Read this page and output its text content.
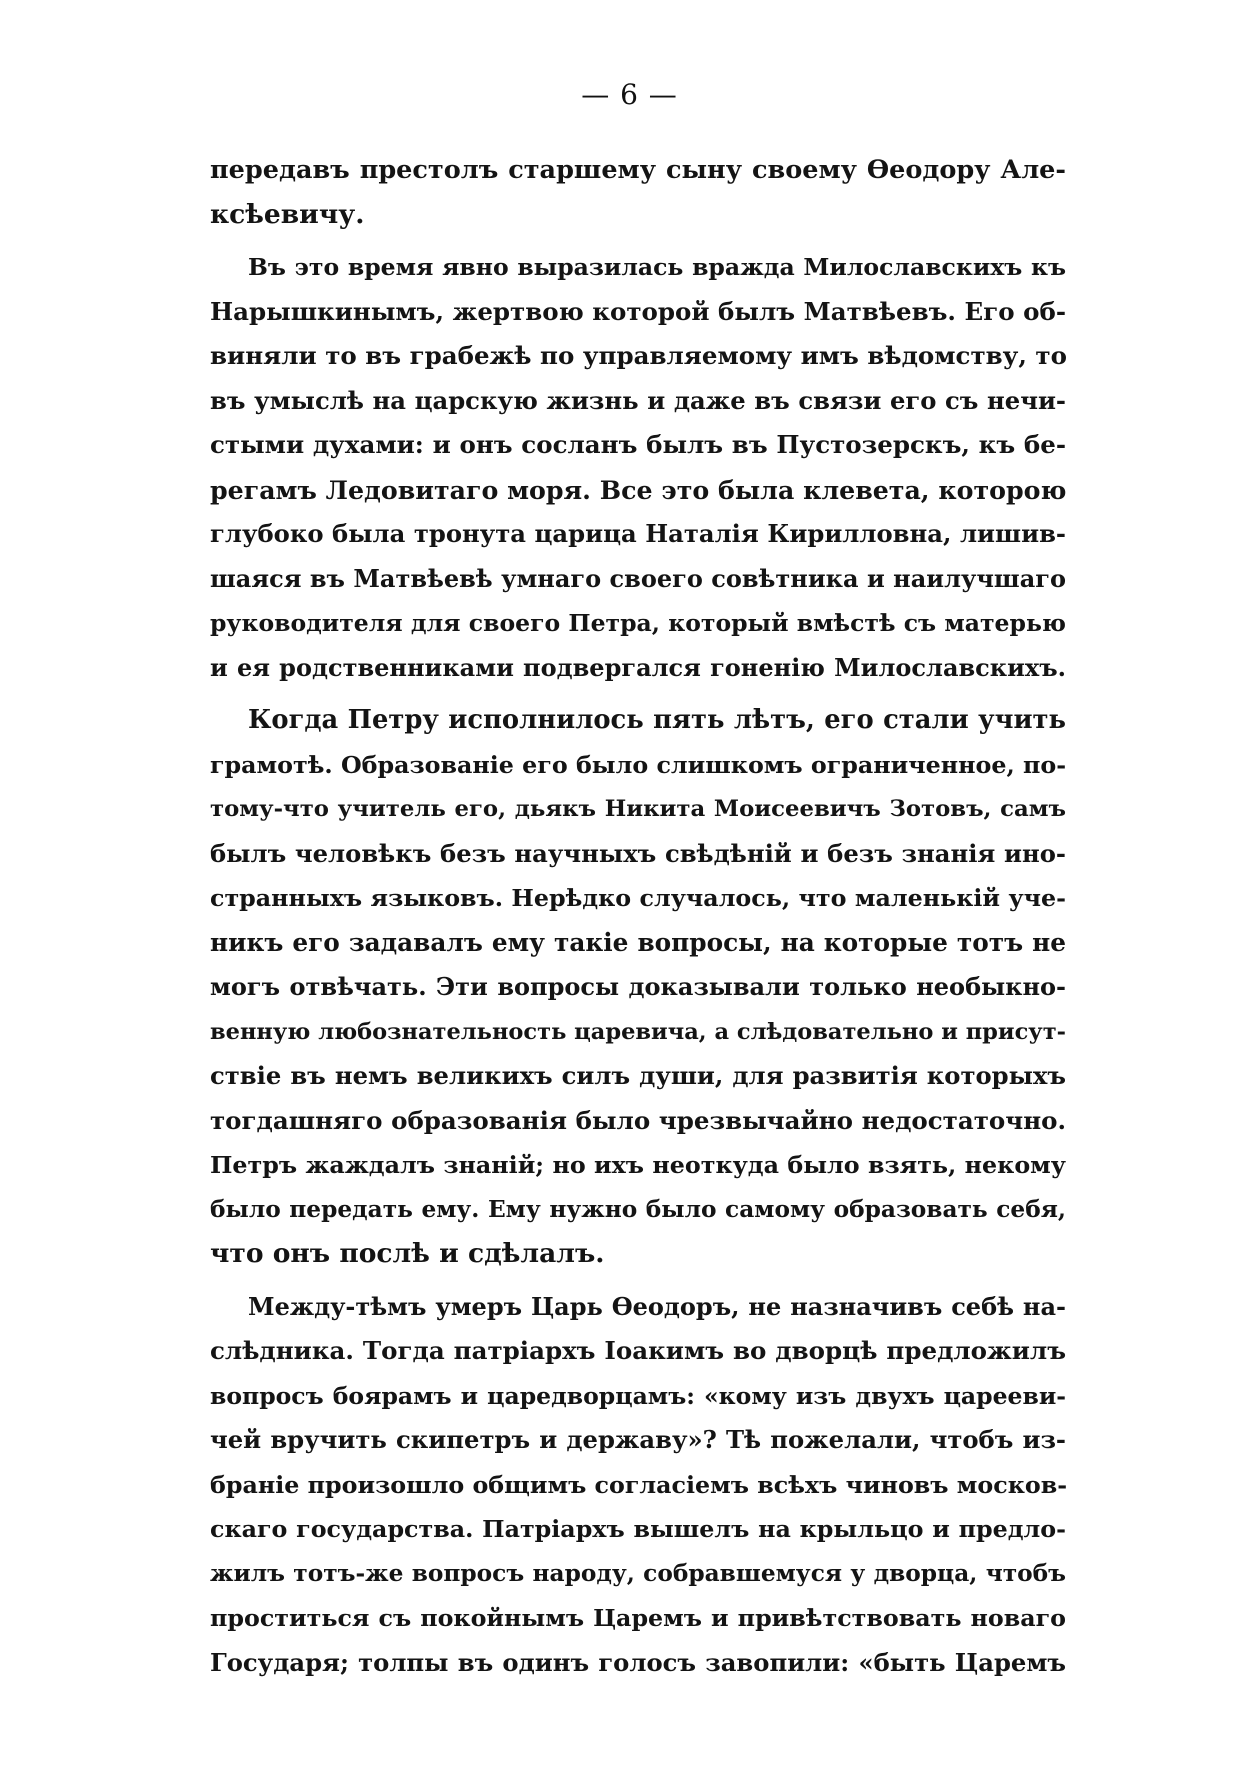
— 6 —
передавъ престолъ старшему сыну своему Өеодору Але-
ксѣевичу.
Въ это время явно выразилась вражда Милославскихъ къ
Нарышкинымъ, жертвою которой былъ Матвѣевъ. Его об-
виняли то въ грабежѣ по управляемому имъ вѣдомству, то
въ умыслѣ на царскую жизнь и даже въ связи его съ нечи-
стыми духами: и онъ сосланъ былъ въ Пустозерскъ, къ бе-
регамъ Ледовитаго моря. Все это была клевета, которою
глубоко была тронута царица Наталія Кирилловна, лишив-
шаяся въ Матвѣевѣ умнаго своего совѣтника и наилучшаго
руководителя для своего Петра, который вмѣстѣ съ матерью
и ея родственниками подвергался гоненію Милославскихъ.
Когда Петру исполнилось пять лѣтъ, его стали учить
грамотѣ. Образованіе его было слишкомъ ограниченное, по-
тому-что учитель его, дьякъ Никита Моисеевичъ Зотовъ, самъ
былъ человѣкъ безъ научныхъ свѣдѣній и безъ знанія ино-
странныхъ языковъ. Нерѣдко случалось, что маленькій уче-
никъ его задавалъ ему такіе вопросы, на которые тотъ не
могъ отвѣчать. Эти вопросы доказывали только необыкно-
венную любознательность царевича, а слѣдовательно и присут-
ствіе въ немъ великихъ силъ души, для развитія которыхъ
тогдашняго образованія было чрезвычайно недостаточно.
Петръ жаждалъ знаній; но ихъ неоткуда было взять, некому
было передать ему. Ему нужно было самому образовать себя,
что онъ послѣ и сдѣлалъ.
Между-тѣмъ умеръ Царь Өеодоръ, не назначивъ себѣ на-
слѣдника. Тогда патріархъ Іоакимъ во дворцѣ предложилъ
вопросъ боярамъ и царедворцамъ: «кому изъ двухъ царееви-
чей вручить скипетръ и державу»? Тѣ пожелали, чтобъ из-
браніе произошло общимъ согласіемъ всѣхъ чиновъ москов-
скаго государства. Патріархъ вышелъ на крыльцо и предло-
жилъ тотъ-же вопросъ народу, собравшемуся у дворца, чтобъ
проститься съ покойнымъ Царемъ и привѣтствовать новаго
Государя; толпы въ одинъ голосъ завопили: «быть Царемъ
